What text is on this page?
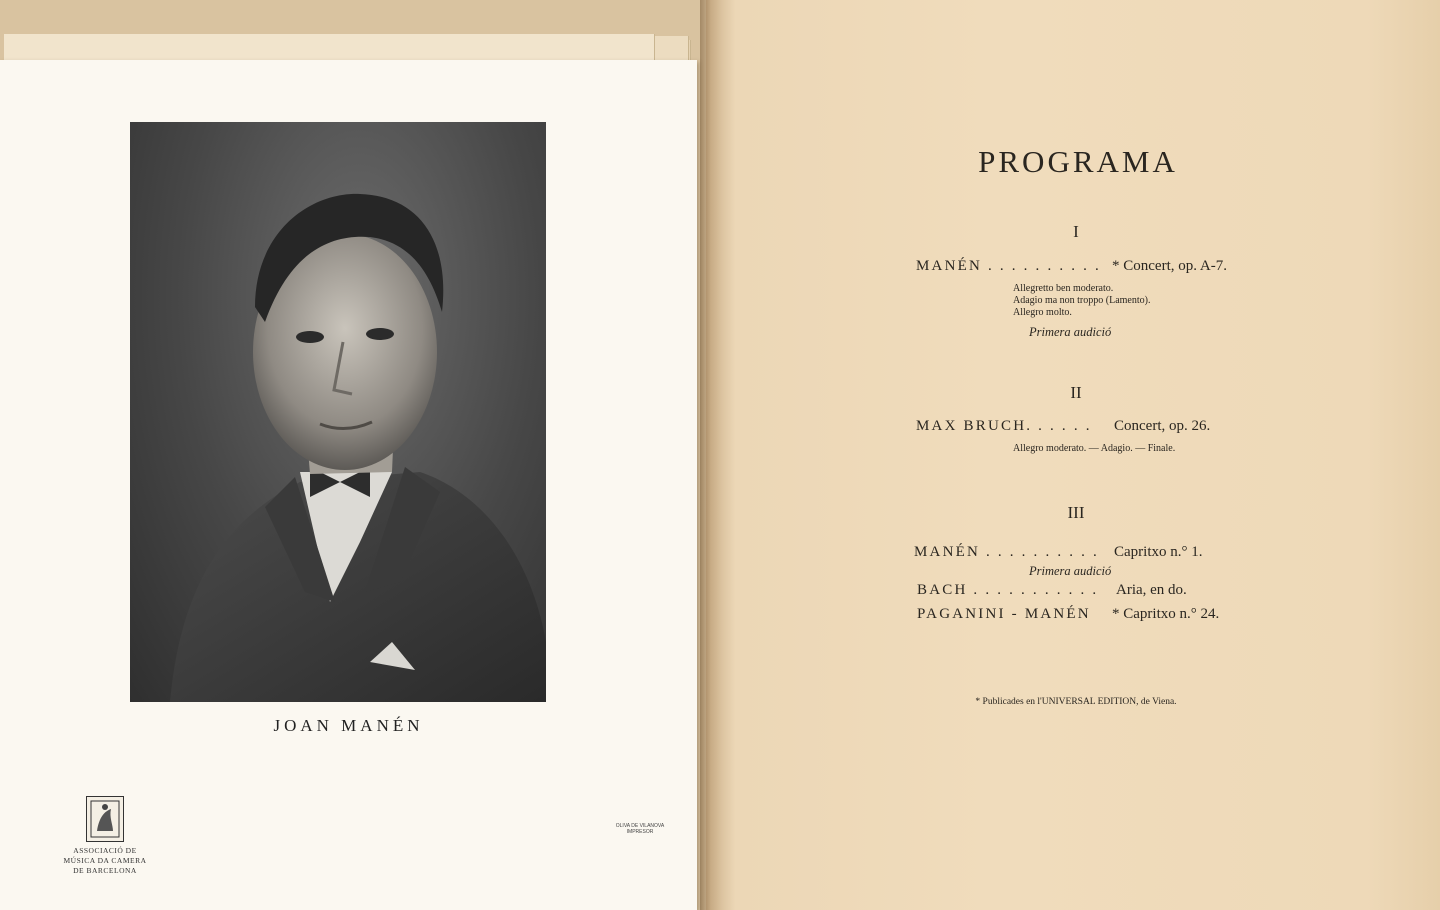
JOAN MANÉN
ASSOCIACIÓ DE
MÚSICA DA CAMERA
DE BARCELONA
OLIVA DE VILANOVA
IMPRESOR
PROGRAMA
I
MANÉN . . . . . . . . . . * Concert, op. A-7.
Allegretto ben moderato.
Adagio ma non troppo (Lamento).
Allegro molto.
Primera audició
II
MAX BRUCH. . . . . . Concert, op. 26.
Allegro moderato. — Adagio. — Finale.
III
MANÉN . . . . . . . . . . Capritxo n.° 1.
Primera audició
BACH . . . . . . . . . . . Aria, en do.
PAGANINI - MANÉN * Capritxo n.° 24.
* Publicades en l'UNIVERSAL EDITION, de Viena.
